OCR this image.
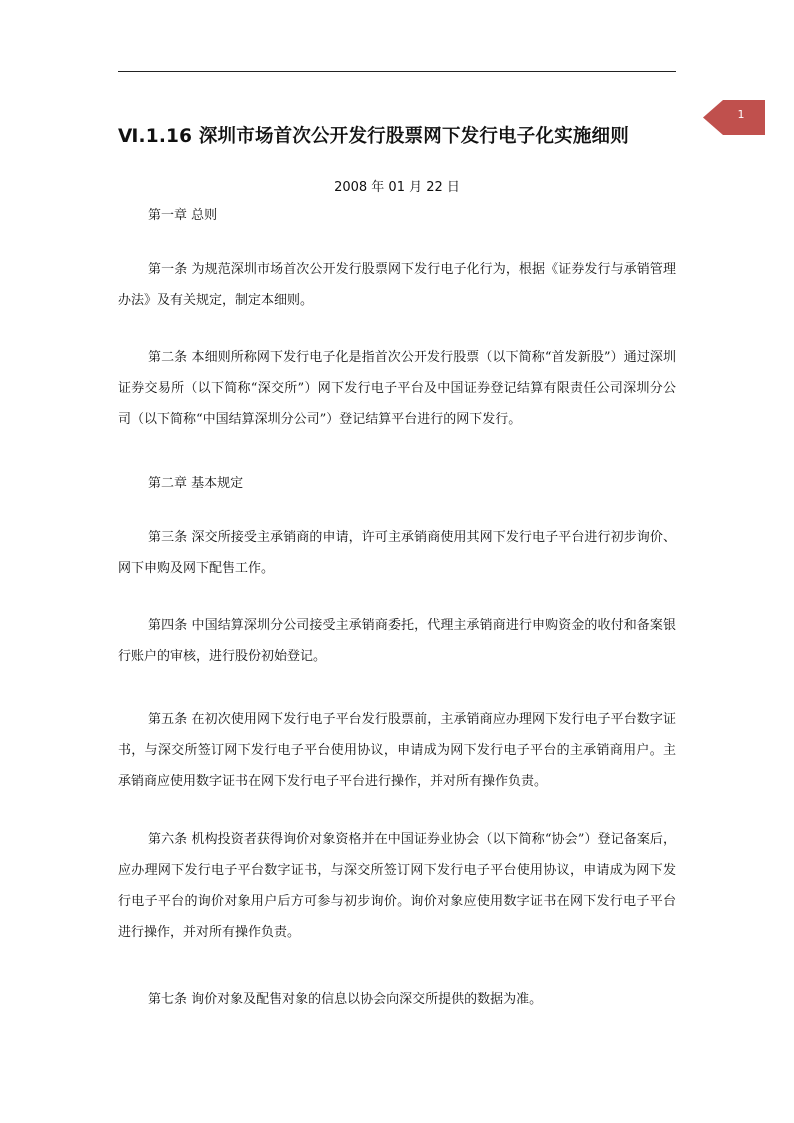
1
Ⅵ.1.16 深圳市场首次公开发行股票网下发行电子化实施细则
2008 年 01 月 22 日

第一章 总则

第一条 为规范深圳市场首次公开发行股票网下发行电子化行为，根据《证券发行与承销管理办法》及有关规定，制定本细则。

第二条 本细则所称网下发行电子化是指首次公开发行股票（以下简称“首发新股”）通过深圳证券交易所（以下简称“深交所”）网下发行电子平台及中国证券登记结算有限责任公司深圳分公司（以下简称“中国结算深圳分公司”）登记结算平台进行的网下发行。

第二章 基本规定

第三条 深交所接受主承销商的申请，许可主承销商使用其网下发行电子平台进行初步询价、网下申购及网下配售工作。

第四条 中国结算深圳分公司接受主承销商委托，代理主承销商进行申购资金的收付和备案银行账户的审核，进行股份初始登记。

第五条 在初次使用网下发行电子平台发行股票前，主承销商应办理网下发行电子平台数字证书，与深交所签订网下发行电子平台使用协议，申请成为网下发行电子平台的主承销商用户。主承销商应使用数字证书在网下发行电子平台进行操作，并对所有操作负责。

第六条 机构投资者获得询价对象资格并在中国证券业协会（以下简称“协会”）登记备案后，应办理网下发行电子平台数字证书，与深交所签订网下发行电子平台使用协议，申请成为网下发行电子平台的询价对象用户后方可参与初步询价。询价对象应使用数字证书在网下发行电子平台进行操作，并对所有操作负责。

第七条 询价对象及配售对象的信息以协会向深交所提供的数据为准。
